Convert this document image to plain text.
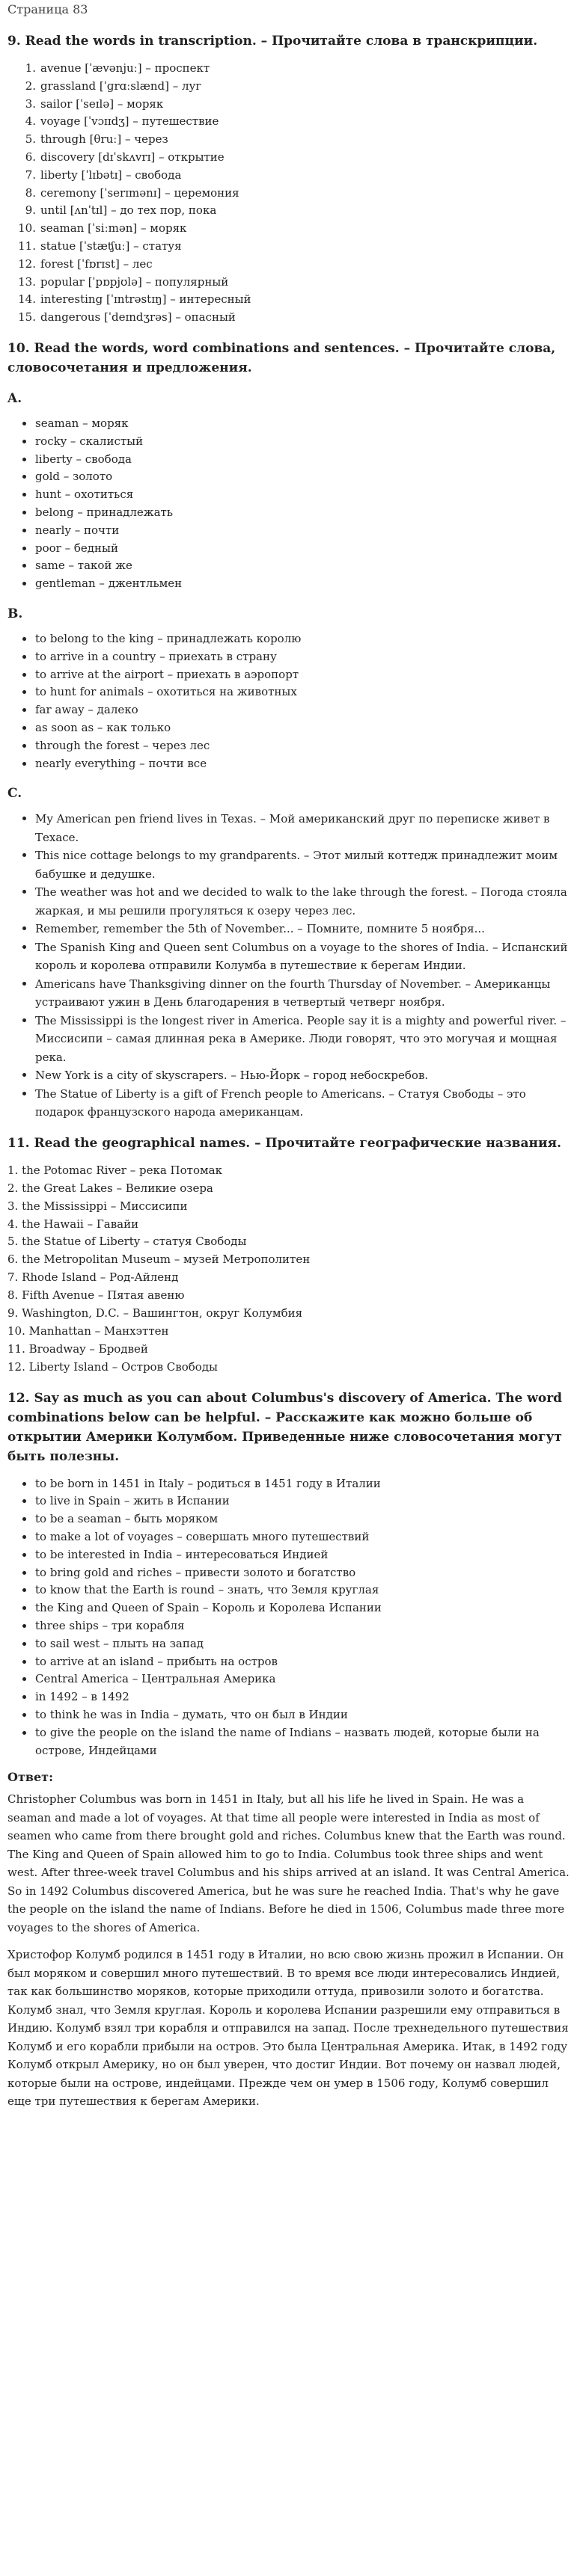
Страница 83
9. Read the words in transcription. – Прочитайте слова в транскрипции.
1. avenue [ˈævənjuː] – проспект
2. grassland [ˈɡrɑːslænd] – луг
3. sailor [ˈseɪlə] – моряк
4. voyage [ˈvɔɪɪdʒ] – путешествие
5. through [θruː] – через
6. discovery [dɪˈskʌvrɪ] – открытие
7. liberty [ˈlɪbətɪ] – свобода
8. ceremony [ˈserɪmənɪ] – церемония
9. until [ʌnˈtɪl] – до тех пор, пока
10. seaman [ˈsiːmən] – моряк
11. statue [ˈstæʧuː] – статуя
12. forest [ˈfɒrɪst] – лес
13. popular [ˈpɒpjʊlə] – популярный
14. interesting [ˈɪntrəstɪŋ] – интересный
15. dangerous [ˈdeɪndʒrəs] – опасный
10. Read the words, word combinations and sentences. – Прочитайте слова, словосочетания и предложения.
A.
seaman – моряк
rocky – скалистый
liberty – свобода
gold – золото
hunt – охотиться
belong – принадлежать
nearly – почти
poor – бедный
same – такой же
gentleman – джентльмен
B.
to belong to the king – принадлежать королю
to arrive in a country – приехать в страну
to arrive at the airport – приехать в аэропорт
to hunt for animals – охотиться на животных
far away – далеко
as soon as – как только
through the forest – через лес
nearly everything – почти все
C.
My American pen friend lives in Texas. – Мой американский друг по переписке живет в Техасе.
This nice cottage belongs to my grandparents. – Этот милый коттедж принадлежит моим бабушке и дедушке.
The weather was hot and we decided to walk to the lake through the forest. – Погода стояла жаркая, и мы решили прогуляться к озеру через лес.
Remember, remember the 5th of November... – Помните, помните 5 ноября...
The Spanish King and Queen sent Columbus on a voyage to the shores of India. – Испанский король и королева отправили Колумба в путешествие к берегам Индии.
Americans have Thanksgiving dinner on the fourth Thursday of November. – Американцы устраивают ужин в День благодарения в четвертый четверг ноября.
The Mississippi is the longest river in America. People say it is a mighty and powerful river. – Миссисипи – самая длинная река в Америке. Люди говорят, что это могучая и мощная река.
New York is a city of skyscrapers. – Нью-Йорк – город небоскребов.
The Statue of Liberty is a gift of French people to Americans. – Статуя Свободы – это подарок французского народа американцам.
11. Read the geographical names. – Прочитайте географические названия.
1. the Potomac River – река Потомак
2. the Great Lakes – Великие озера
3. the Mississippi – Миссисипи
4. the Hawaii – Гавайи
5. the Statue of Liberty – статуя Свободы
6. the Metropolitan Museum – музей Метрополитен
7. Rhode Island – Род-Айленд
8. Fifth Avenue – Пятая авеню
9. Washington, D.C. – Вашингтон, округ Колумбия
10. Manhattan – Манхэттен
11. Broadway – Бродвей
12. Liberty Island – Остров Свободы
12. Say as much as you can about Columbus's discovery of America. The word combinations below can be helpful. – Расскажите как можно больше об открытии Америки Колумбом. Приведенные ниже словосочетания могут быть полезны.
to be born in 1451 in Italy – родиться в 1451 году в Италии
to live in Spain – жить в Испании
to be a seaman – быть моряком
to make a lot of voyages – совершать много путешествий
to be interested in India – интересоваться Индией
to bring gold and riches – привести золото и богатство
to know that the Earth is round – знать, что Земля круглая
the King and Queen of Spain – Король и Королева Испании
three ships – три корабля
to sail west – плыть на запад
to arrive at an island – прибыть на остров
Central America – Центральная Америка
in 1492 – в 1492
to think he was in India – думать, что он был в Индии
to give the people on the island the name of Indians – назвать людей, которые были на острове, Индейцами
Ответ:

Christopher Columbus was born in 1451 in Italy, but all his life he lived in Spain. He was a seaman and made a lot of voyages. At that time all people were interested in India as most of seamen who came from there brought gold and riches. Columbus knew that the Earth was round. The King and Queen of Spain allowed him to go to India. Columbus took three ships and went west. After three-week travel Columbus and his ships arrived at an island. It was Central America. So in 1492 Columbus discovered America, but he was sure he reached India. That's why he gave the people on the island the name of Indians. Before he died in 1506, Columbus made three more voyages to the shores of America.

Христофор Колумб родился в 1451 году в Италии, но всю свою жизнь прожил в Испании. Он был моряком и совершил много путешествий. В то время все люди интересовались Индией, так как большинство моряков, которые приходили оттуда, привозили золото и богатства. Колумб знал, что Земля круглая. Король и королева Испании разрешили ему отправиться в Индию. Колумб взял три корабля и отправился на запад. После трехнедельного путешествия Колумб и его корабли прибыли на остров. Это была Центральная Америка. Итак, в 1492 году Колумб открыл Америку, но он был уверен, что достиг Индии. Вот почему он назвал людей, которые были на острове, индейцами. Прежде чем он умер в 1506 году, Колумб совершил еще три путешествия к берегам Америки.
